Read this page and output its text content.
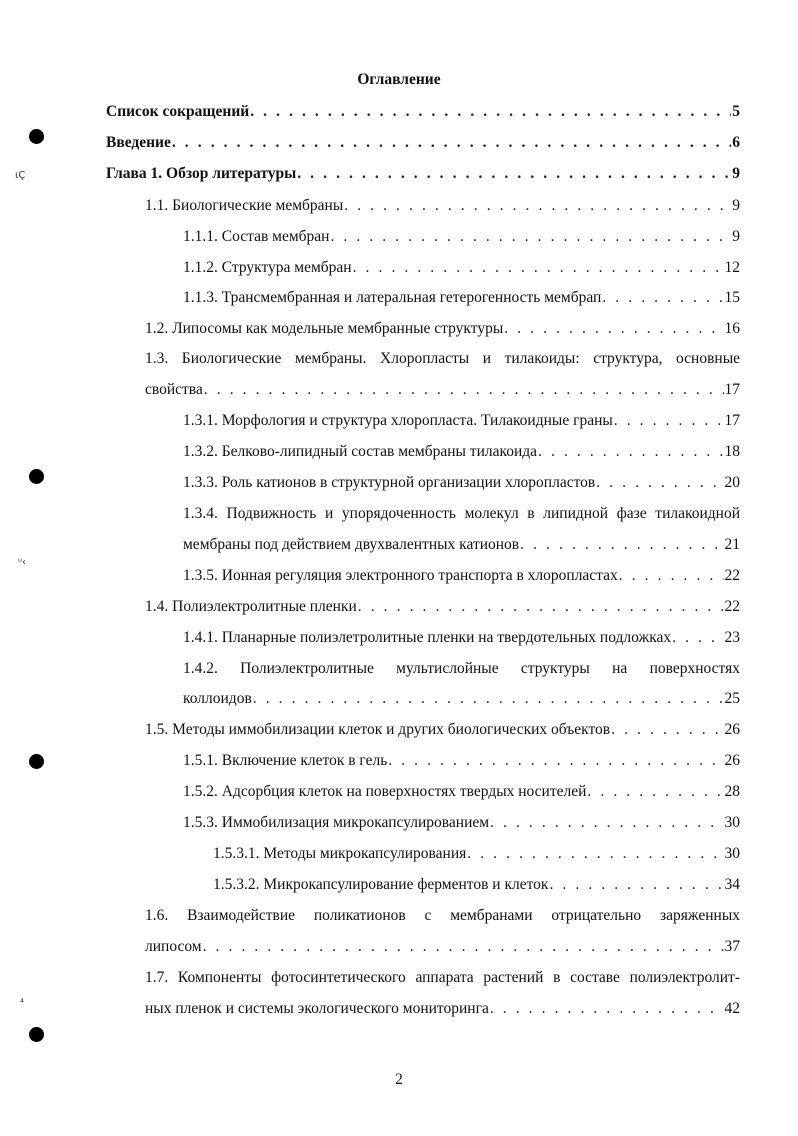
Оглавление
ιÇ
ᵘ‹
⁴
Список сокращений . . .	5
Введение . . .	6
Глава 1. Обзор литературы . . .	9
1.1. Биологические мембраны . . .	9
1.1.1. Состав мембран . . .	9
1.1.2. Структура мембран . . .	12
1.1.3. Трансмембранная и латеральная гетерогенность мембрап . . .	15
1.2. Липосомы как модельные мембранные структуры . . .	16
1.3. Биологические мембраны. Хлоропласты и тилакоиды: структура, основные
свойства . . .	17
1.3.1. Морфология и структура хлоропласта. Тилакоидные граны . . .	17
1.3.2. Белково-липидный состав мембраны тилакоида . . .	18
1.3.3. Роль катионов в структурной организации хлоропластов . . .	20
1.3.4. Подвижность и упорядоченность молекул в липидной фазе тилакоидной
мембраны под действием двухвалентных катионов . . .	21
1.3.5. Ионная регуляция электронного транспорта в хлоропластах . . .	22
1.4. Полиэлектролитные пленки . . .	22
1.4.1. Планарные полиэлетролитные пленки на твердотельных подложках . . .	23
1.4.2. Полиэлектролитные мультислойные структуры на поверхностях
коллоидов . . .	25
1.5. Методы иммобилизации клеток и других биологических объектов . . .	26
1.5.1. Включение клеток в гель . . .	26
1.5.2. Адсорбция клеток на поверхностях твердых носителей . . .	28
1.5.3. Иммобилизация микрокапсулированием . . .	30
1.5.3.1. Методы микрокапсулирования . . .	30
1.5.3.2. Микрокапсулирование ферментов и клеток . . .	34
1.6. Взаимодействие поликатионов с мембранами отрицательно заряженных
липосом . . .	37
1.7. Компоненты фотосинтетического аппарата растений в составе полиэлектролит-
ных пленок и системы экологического мониторинга . . .	42
2
